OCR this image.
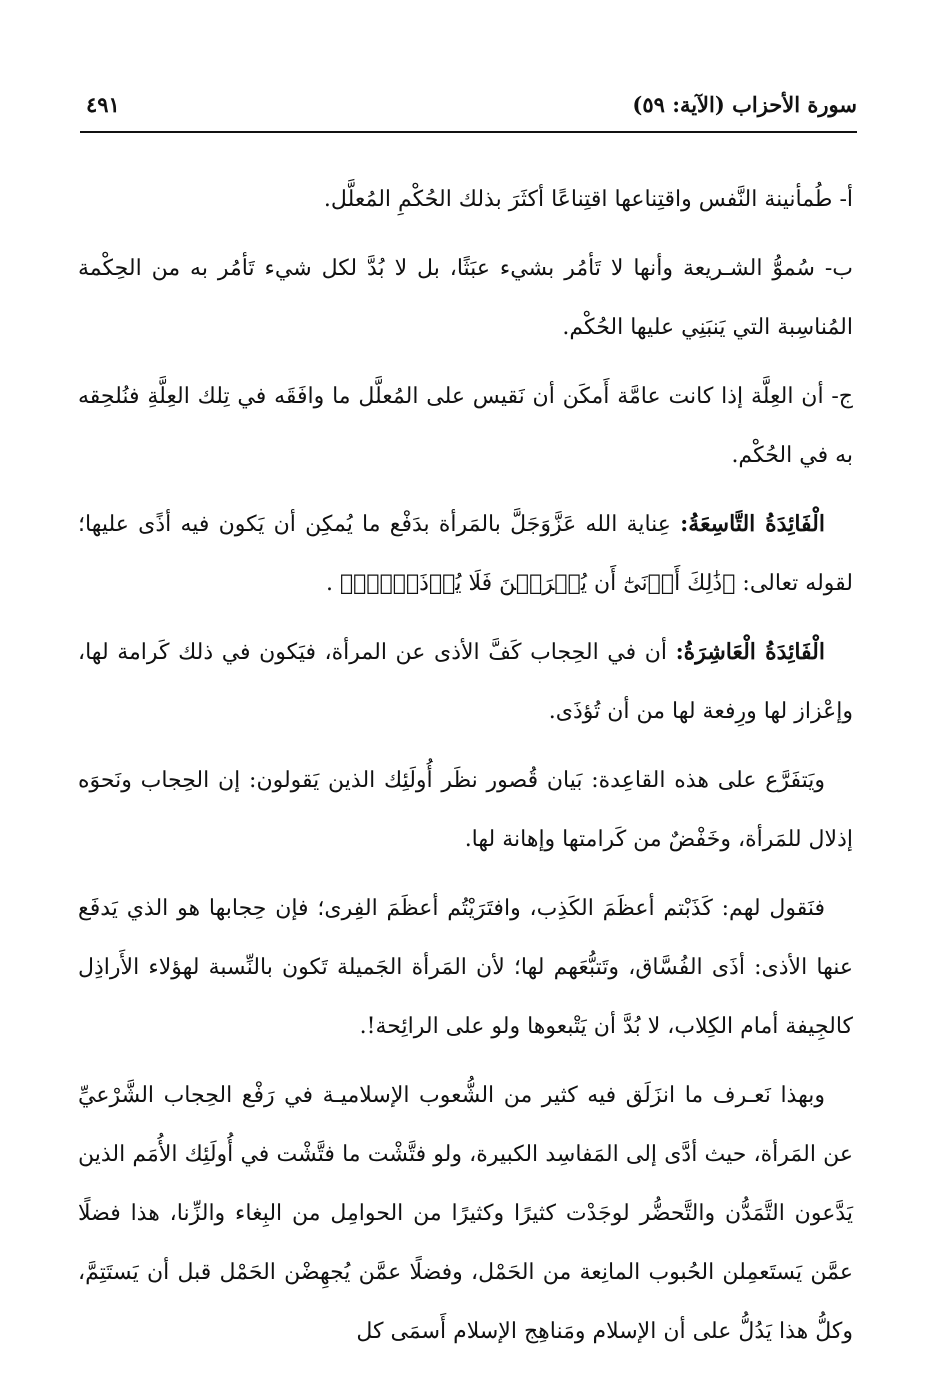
سورة الأحزاب (الآية: ٥٩)
٤٩١

أ- طُمأنينة النَّفس واقتِناعها اقتِناعًا أكثَرَ بذلك الحُكْمِ المُعلَّل.

ب- سُموُّ الشـريعة وأنها لا تَأمُر بشيء عبَثًا، بل لا بُدَّ لكل شيء تَأمُر به من الحِكْمة المُناسِبة التي يَنبَنِي عليها الحُكْم.

ج- أن العِلَّة إذا كانت عامَّة أَمكَن أن نَقيس على المُعلَّل ما وافَقَه في تِلك العِلَّةِ فنُلحِقه به في الحُكْم.

الْفَائِدَةُ التَّاسِعَةُ: عِناية الله عَزَّوَجَلَّ بالمَرأة بدَفْع ما يُمكِن أن يَكون فيه أذًى عليها؛ لقوله تعالى: ﴿ذَٰلِكَ أَدۡنَىٰٓ أَن يُعۡرَفۡنَ فَلَا يُؤۡذَيۡنَۗ﴾ .

الْفَائِدَةُ الْعَاشِرَةُ: أن في الحِجاب كَفَّ الأذى عن المرأة، فيَكون في ذلك كَرامة لها، وإعْزاز لها ورِفعة لها من أن تُؤذَى.

ويَتفَرَّع على هذه القاعِدة: بَيان قُصور نظَر أُولَئِك الذين يَقولون: إن الحِجاب ونَحوَه إذلال للمَرأة، وخَفْضٌ من كَرامتها وإهانة لها.

فنَقول لهم: كَذَبْتم أعظَمَ الكَذِب، وافتَرَيْتُم أعظَمَ الفِرى؛ فإن حِجابها هو الذي يَدفَع عنها الأذى: أذَى الفُسَّاق، وتَتبُّعَهم لها؛ لأن المَرأة الجَميلة تَكون بالنِّسبة لهؤلاء الأَراذِل كالجِيفة أمام الكِلاب، لا بُدَّ أن يَتْبعوها ولو على الرائِحة!.

وبهذا نَعـرف ما انزَلَق فيه كثير من الشُّعوب الإسلاميـة في رَفْع الحِجاب الشَّرْعيِّ عن المَرأة، حيث أدَّى إلى المَفاسِد الكبيرة، ولو فتَّشْت ما فتَّشْت في أُولَئِك الأُمَم الذين يَدَّعون التَّمَدُّن والتَّحضُّر لوجَدْت كثيرًا وكثيرًا من الحوامِل من البِغاء والزِّنا، هذا فضلًا عمَّن يَستَعمِلن الحُبوب المانِعة من الحَمْل، وفضلًا عمَّن يُجهِضْن الحَمْل قبل أن يَستَتِمَّ، وكلُّ هذا يَدُلُّ على أن الإسلام ومَناهِج الإسلام أَسمَى كل
